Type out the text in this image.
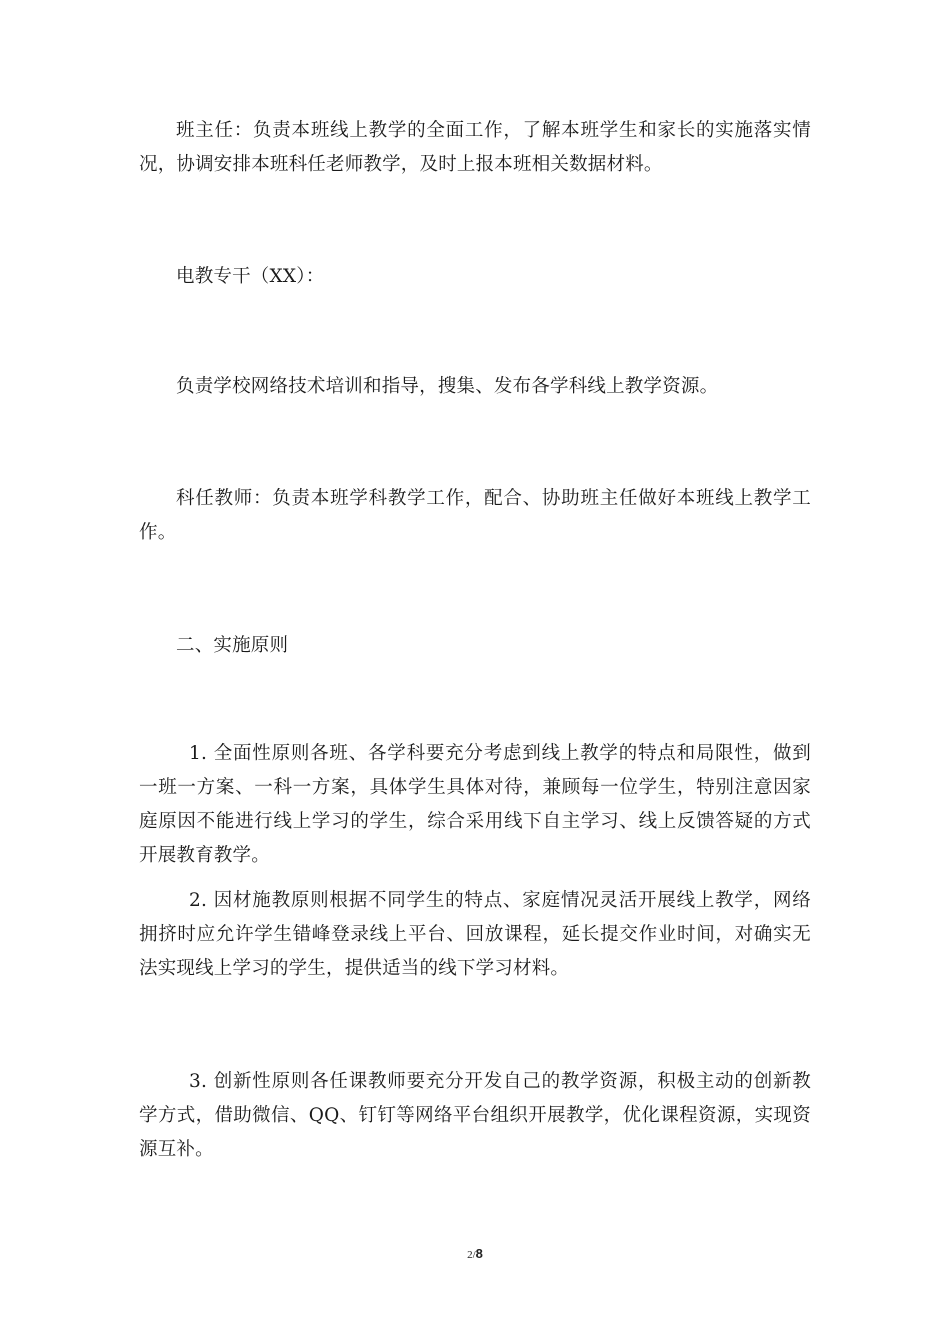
班主任：负责本班线上教学的全面工作，了解本班学生和家长的实施落实情况，协调安排本班科任老师教学，及时上报本班相关数据材料。

电教专干（XX）：

负责学校网络技术培训和指导，搜集、发布各学科线上教学资源。

科任教师：负责本班学科教学工作，配合、协助班主任做好本班线上教学工作。

二、实施原则

1. 全面性原则各班、各学科要充分考虑到线上教学的特点和局限性，做到一班一方案、一科一方案，具体学生具体对待，兼顾每一位学生，特别注意因家庭原因不能进行线上学习的学生，综合采用线下自主学习、线上反馈答疑的方式开展教育教学。

2. 因材施教原则根据不同学生的特点、家庭情况灵活开展线上教学，网络拥挤时应允许学生错峰登录线上平台、回放课程，延长提交作业时间，对确实无法实现线上学习的学生，提供适当的线下学习材料。

3. 创新性原则各任课教师要充分开发自己的教学资源，积极主动的创新教学方式，借助微信、QQ、钉钉等网络平台组织开展教学，优化课程资源，实现资源互补。

2/8
